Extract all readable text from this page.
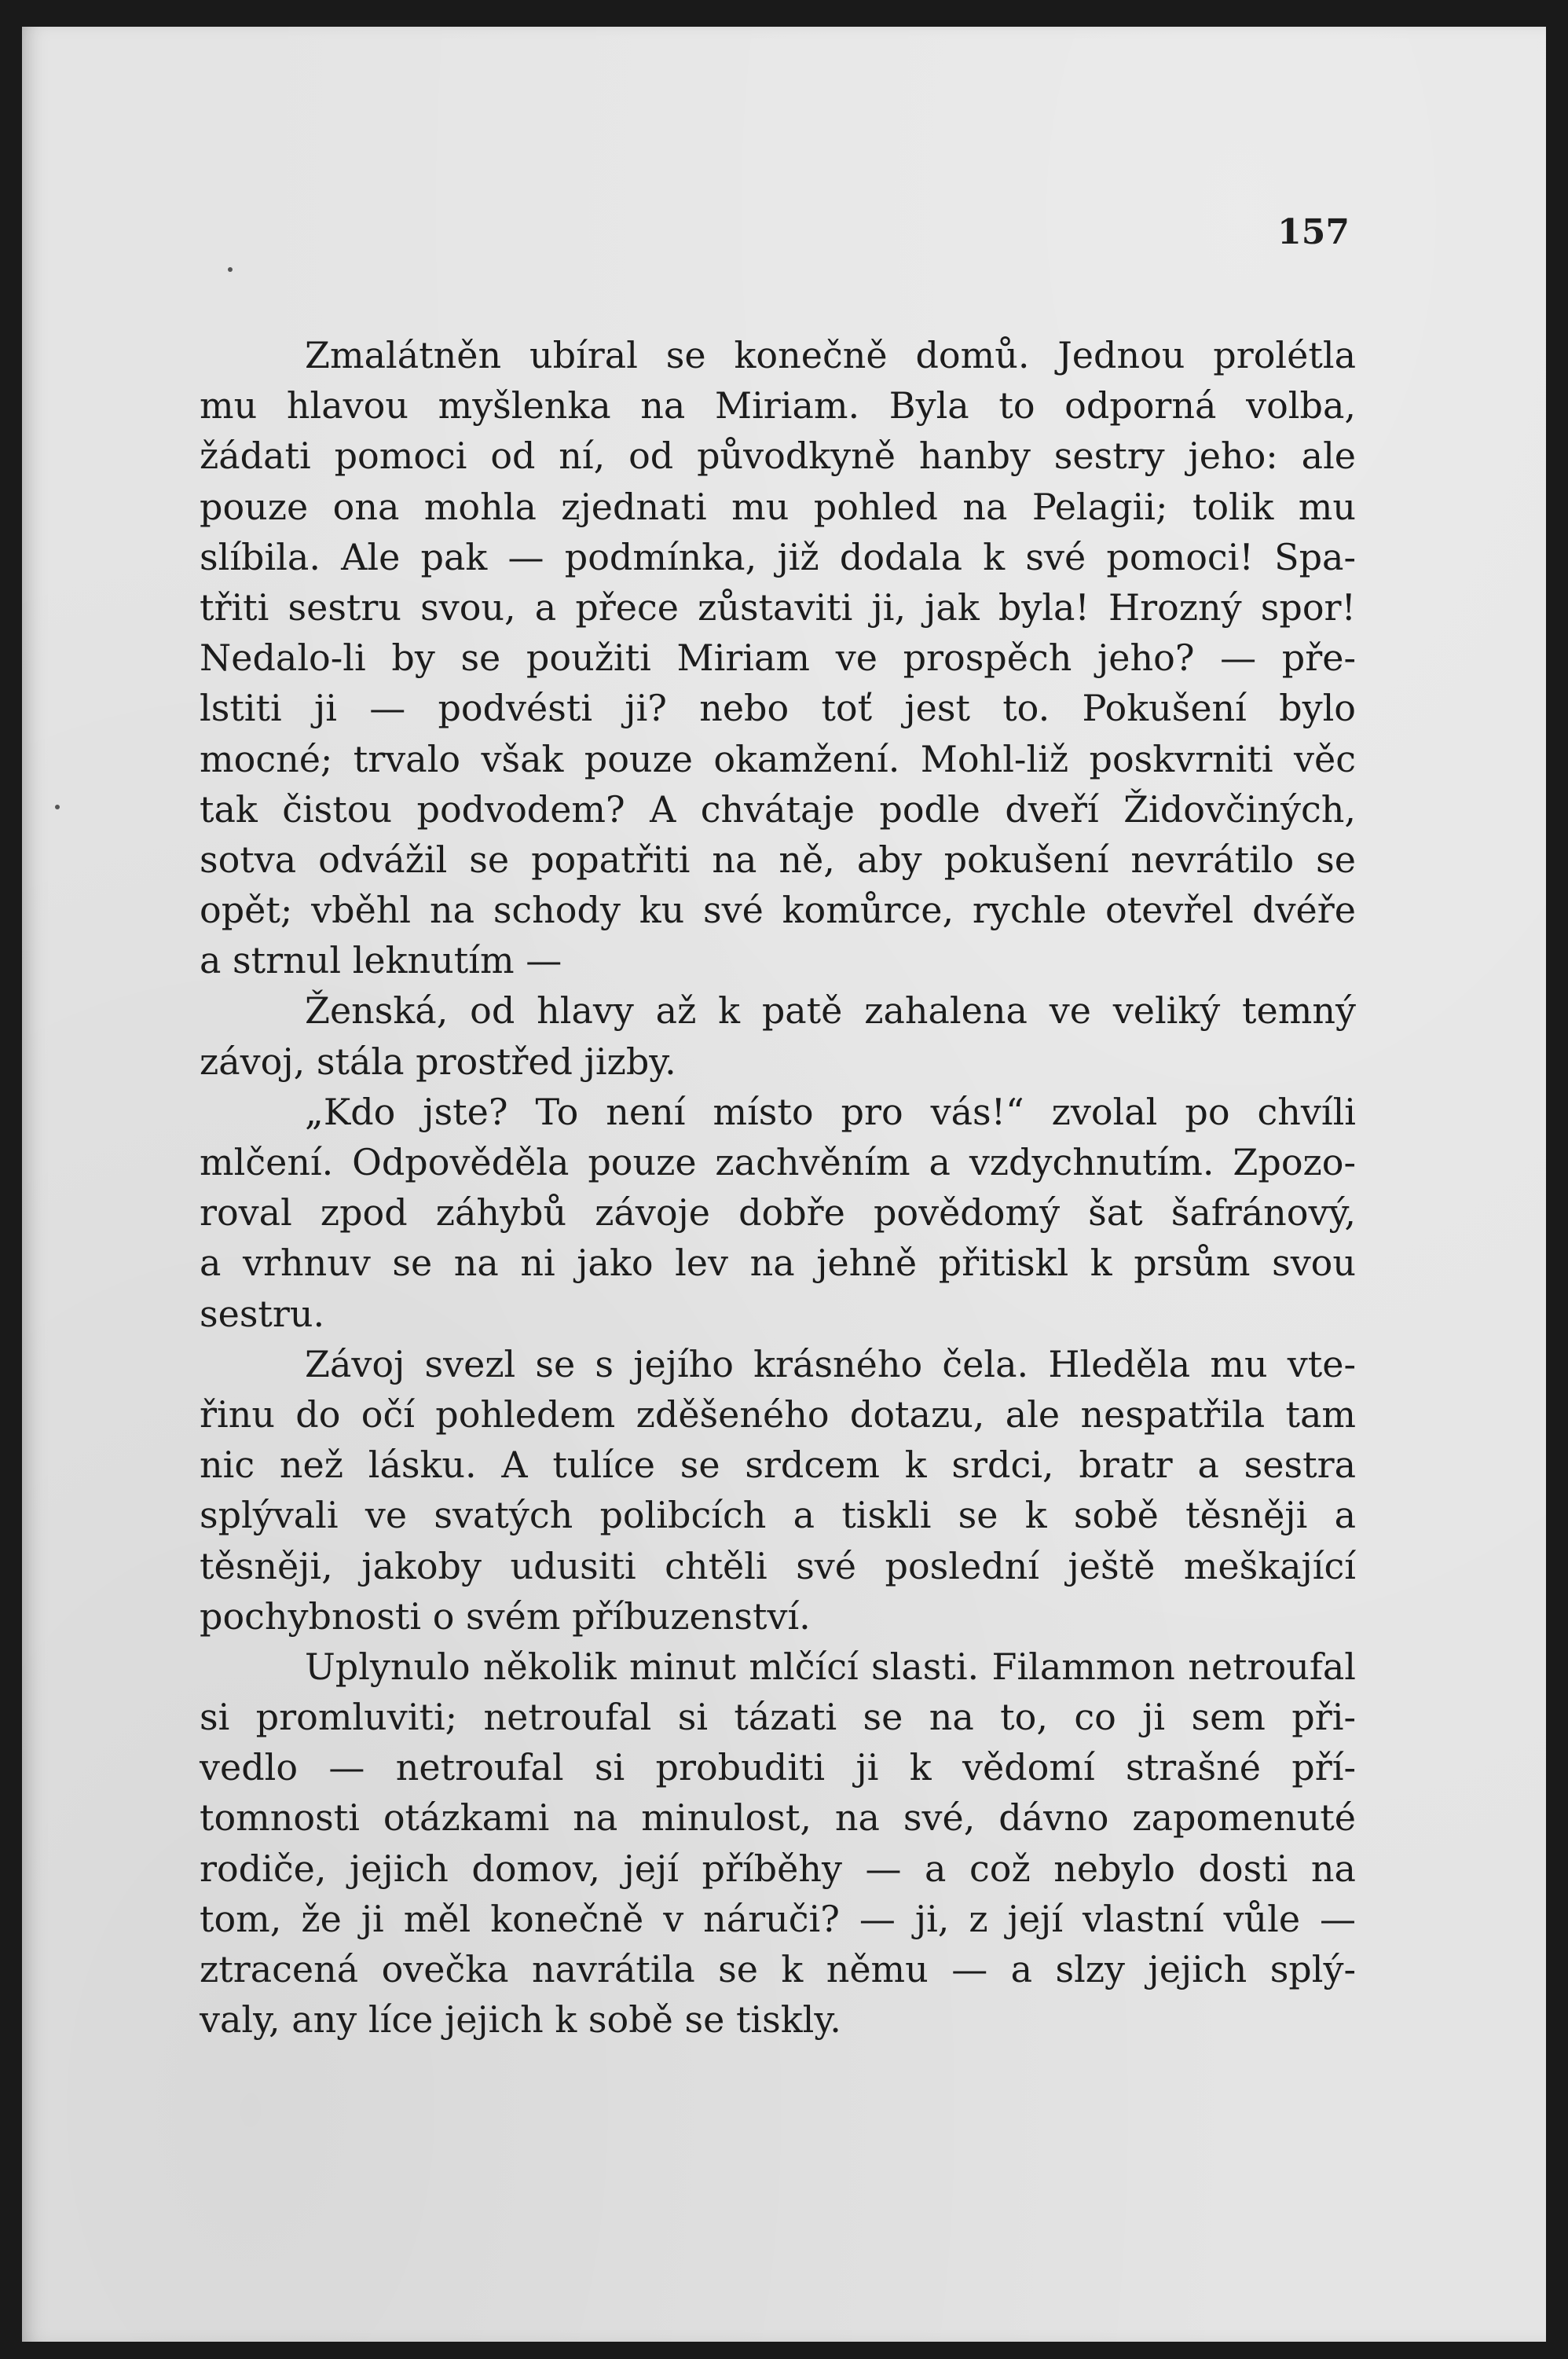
157
Zmalátněn ubíral se konečně domů. Jednou prolétla
mu hlavou myšlenka na Miriam. Byla to odporná volba,
žádati pomoci od ní, od původkyně hanby sestry jeho: ale
pouze ona mohla zjednati mu pohled na Pelagii; tolik mu
slíbila. Ale pak — podmínka, již dodala k své pomoci! Spa-
třiti sestru svou, a přece zůstaviti ji, jak byla! Hrozný spor!
Nedalo-li by se použiti Miriam ve prospěch jeho? — pře-
lstiti ji — podvésti ji? nebo toť jest to. Pokušení bylo
mocné; trvalo však pouze okamžení. Mohl-liž poskvrniti věc
tak čistou podvodem? A chvátaje podle dveří Židovčiných,
sotva odvážil se popatřiti na ně, aby pokušení nevrátilo se
opět; vběhl na schody ku své komůrce, rychle otevřel dvéře
a strnul leknutím —
Ženská, od hlavy až k patě zahalena ve veliký temný
závoj, stála prostřed jizby.
„Kdo jste? To není místo pro vás!“ zvolal po chvíli
mlčení. Odpověděla pouze zachvěním a vzdychnutím. Zpozo-
roval zpod záhybů závoje dobře povědomý šat šafránový,
a vrhnuv se na ni jako lev na jehně přitiskl k prsům svou
sestru.
Závoj svezl se s jejího krásného čela. Hleděla mu vte-
řinu do očí pohledem zděšeného dotazu, ale nespatřila tam
nic než lásku. A tulíce se srdcem k srdci, bratr a sestra
splývali ve svatých polibcích a tiskli se k sobě těsněji a
těsněji, jakoby udusiti chtěli své poslední ještě meškající
pochybnosti o svém příbuzenství.
Uplynulo několik minut mlčící slasti. Filammon netroufal
si promluviti; netroufal si tázati se na to, co ji sem při-
vedlo — netroufal si probuditi ji k vědomí strašné pří-
tomnosti otázkami na minulost, na své, dávno zapomenuté
rodiče, jejich domov, její příběhy — a což nebylo dosti na
tom, že ji měl konečně v náruči? — ji, z její vlastní vůle —
ztracená ovečka navrátila se k němu — a slzy jejich splý-
valy, any líce jejich k sobě se tiskly.
